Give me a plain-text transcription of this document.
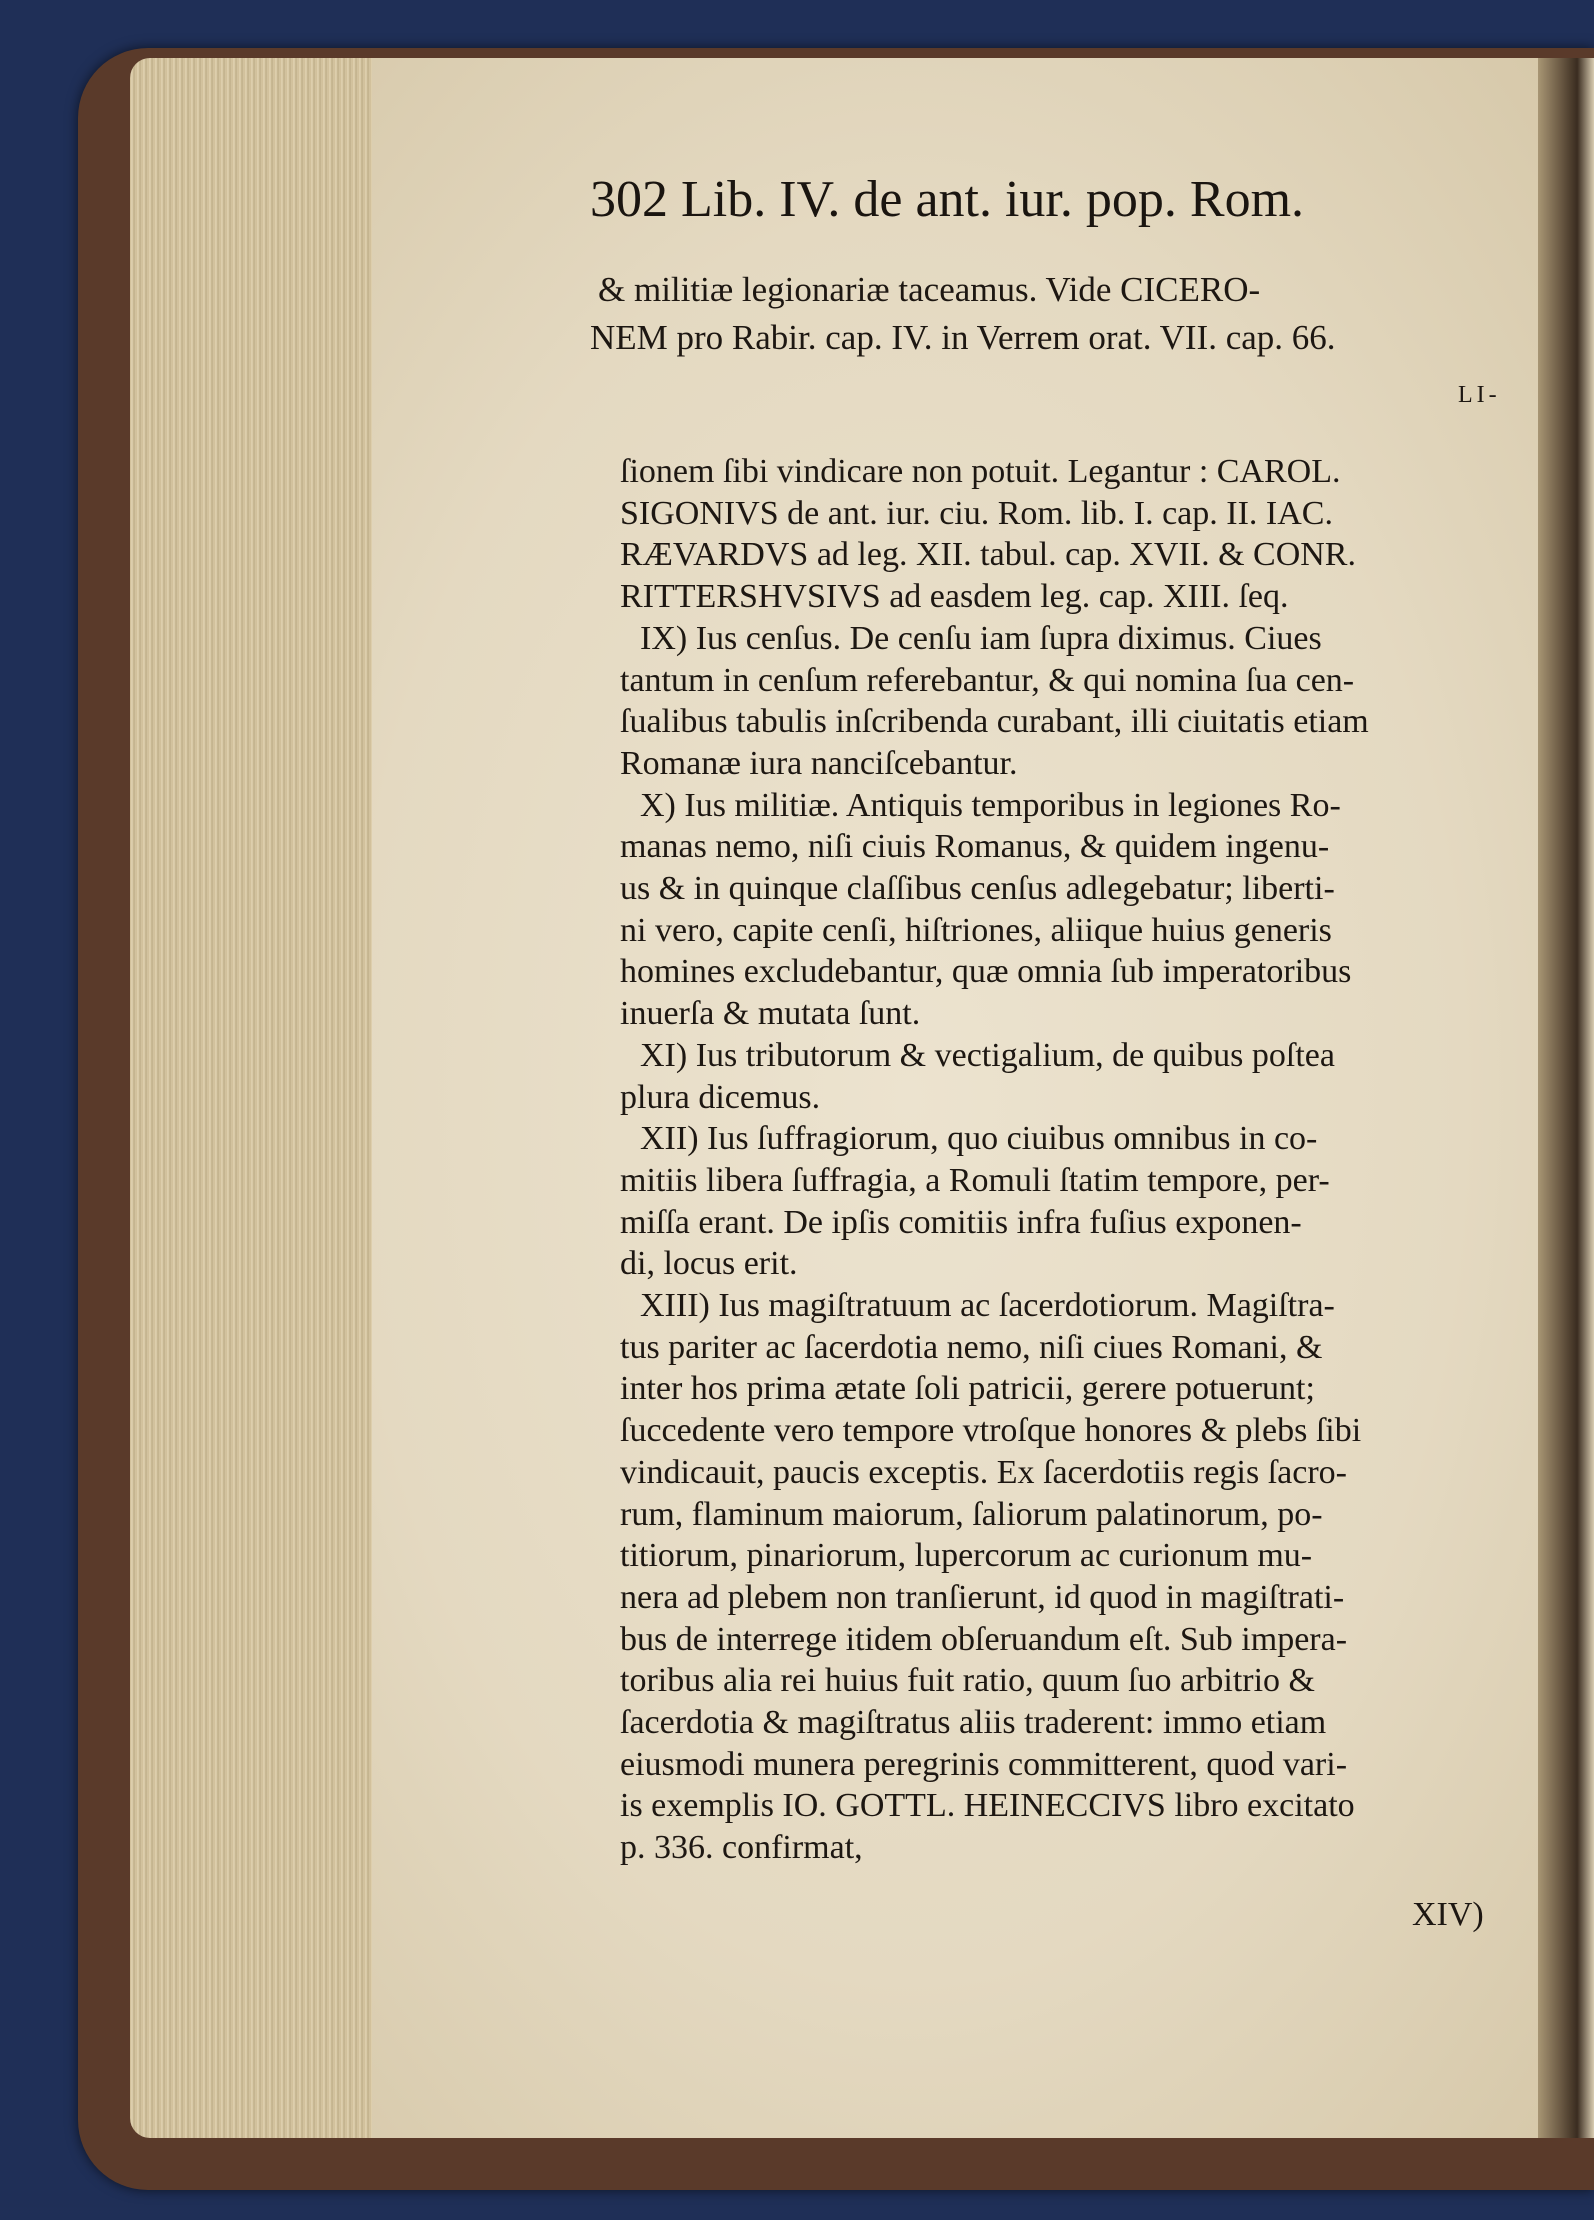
302 Lib. IV. de ant. iur. pop. Rom.
& militiæ legionariæ taceamus. Vide CICERO-
NEM pro Rabir. cap. IV. in Verrem orat. VII. cap. 66.
LI-
ſionem ſibi vindicare non potuit. Legantur : CAROL.
SIGONIVS de ant. iur. ciu. Rom. lib. I. cap. II. IAC.
RÆVARDVS ad leg. XII. tabul. cap. XVII. & CONR.
RITTERSHVSIVS ad easdem leg. cap. XIII. ſeq.
IX) Ius cenſus. De cenſu iam ſupra diximus. Ciues
tantum in cenſum referebantur, & qui nomina ſua cen-
ſualibus tabulis inſcribenda curabant, illi ciuitatis etiam
Romanæ iura nanciſcebantur.
X) Ius militiæ. Antiquis temporibus in legiones Ro-
manas nemo, niſi ciuis Romanus, & quidem ingenu-
us & in quinque claſſibus cenſus adlegebatur; liberti-
ni vero, capite cenſi, hiſtriones, aliique huius generis
homines excludebantur, quæ omnia ſub imperatoribus
inuerſa & mutata ſunt.
XI) Ius tributorum & vectigalium, de quibus poſtea
plura dicemus.
XII) Ius ſuffragiorum, quo ciuibus omnibus in co-
mitiis libera ſuffragia, a Romuli ſtatim tempore, per-
miſſa erant. De ipſis comitiis infra fuſius exponen-
di, locus erit.
XIII) Ius magiſtratuum ac ſacerdotiorum. Magiſtra-
tus pariter ac ſacerdotia nemo, niſi ciues Romani, &
inter hos prima ætate ſoli patricii, gerere potuerunt;
ſuccedente vero tempore vtroſque honores & plebs ſibi
vindicauit, paucis exceptis. Ex ſacerdotiis regis ſacro-
rum, flaminum maiorum, ſaliorum palatinorum, po-
titiorum, pinariorum, lupercorum ac curionum mu-
nera ad plebem non tranſierunt, id quod in magiſtrati-
bus de interrege itidem obſeruandum eſt. Sub impera-
toribus alia rei huius fuit ratio, quum ſuo arbitrio &
ſacerdotia & magiſtratus aliis traderent: immo etiam
eiusmodi munera peregrinis committerent, quod vari-
is exemplis IO. GOTTL. HEINECCIVS libro excitato
p. 336. confirmat,
XIV)
